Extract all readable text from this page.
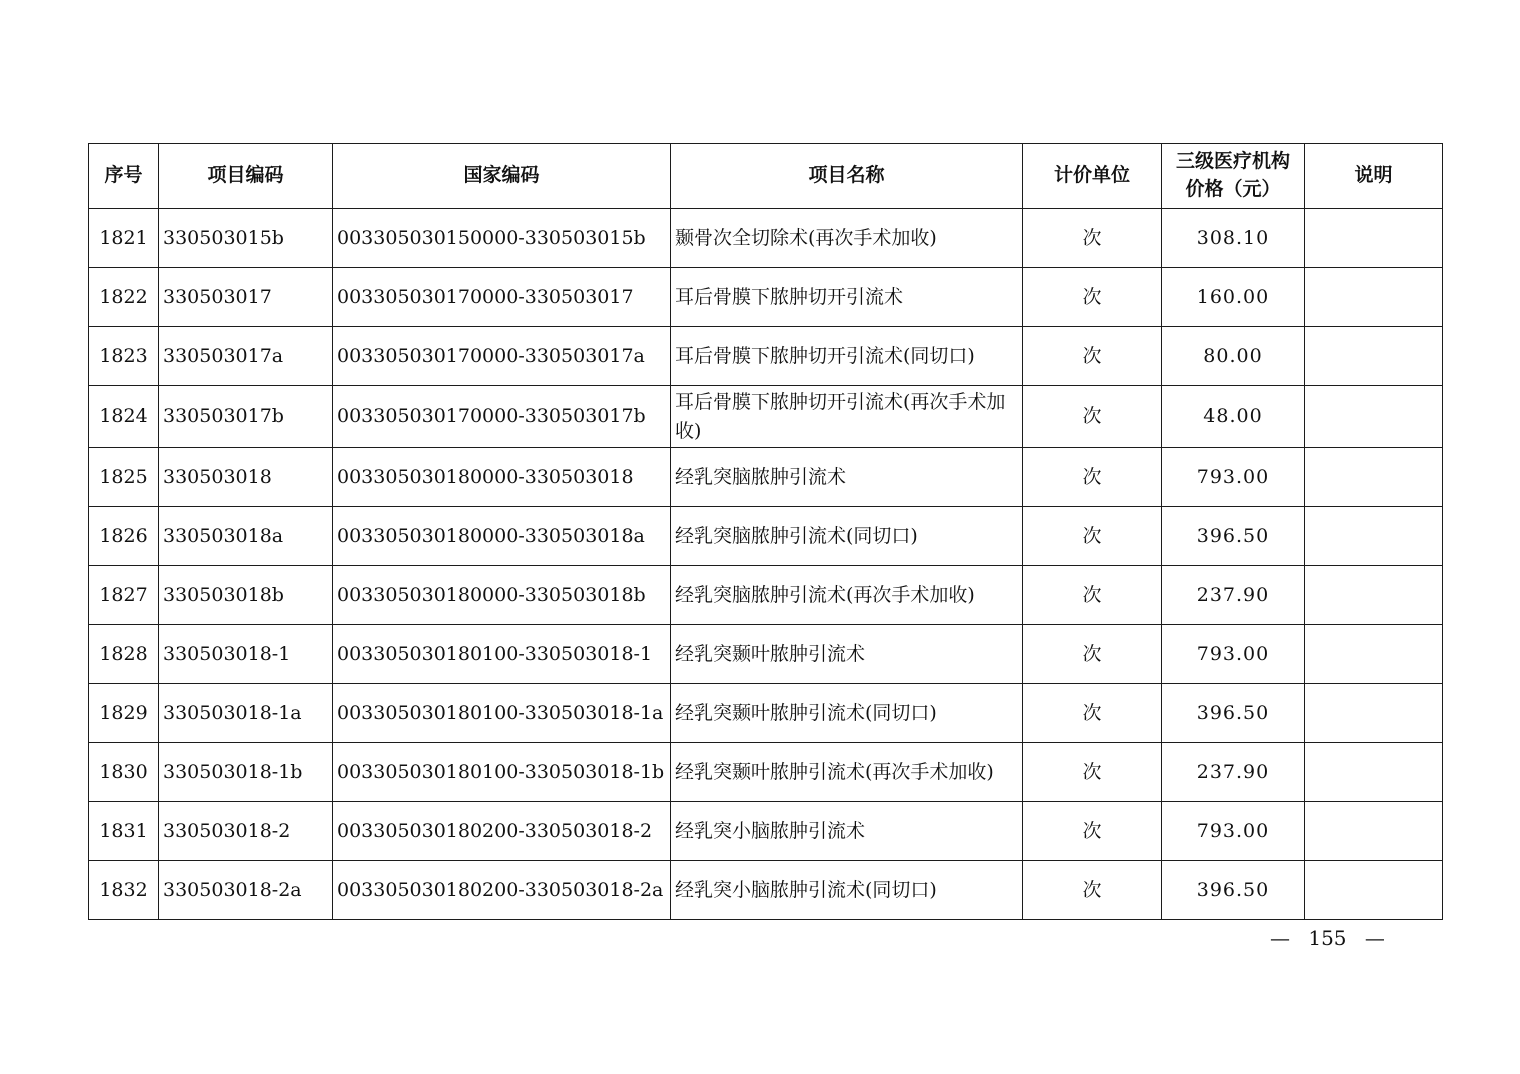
序号	项目编码	国家编码	项目名称	计价单位	三级医疗机构价格（元）	说明
1821	330503015b	003305030150000-330503015b	颞骨次全切除术(再次手术加收)	次	308.10	
1822	330503017	003305030170000-330503017	耳后骨膜下脓肿切开引流术	次	160.00	
1823	330503017a	003305030170000-330503017a	耳后骨膜下脓肿切开引流术(同切口)	次	80.00	
1824	330503017b	003305030170000-330503017b	耳后骨膜下脓肿切开引流术(再次手术加收)	次	48.00	
1825	330503018	003305030180000-330503018	经乳突脑脓肿引流术	次	793.00	
1826	330503018a	003305030180000-330503018a	经乳突脑脓肿引流术(同切口)	次	396.50	
1827	330503018b	003305030180000-330503018b	经乳突脑脓肿引流术(再次手术加收)	次	237.90	
1828	330503018-1	003305030180100-330503018-1	经乳突颞叶脓肿引流术	次	793.00	
1829	330503018-1a	003305030180100-330503018-1a	经乳突颞叶脓肿引流术(同切口)	次	396.50	
1830	330503018-1b	003305030180100-330503018-1b	经乳突颞叶脓肿引流术(再次手术加收)	次	237.90	
1831	330503018-2	003305030180200-330503018-2	经乳突小脑脓肿引流术	次	793.00	
1832	330503018-2a	003305030180200-330503018-2a	经乳突小脑脓肿引流术(同切口)	次	396.50	
— 155 —
